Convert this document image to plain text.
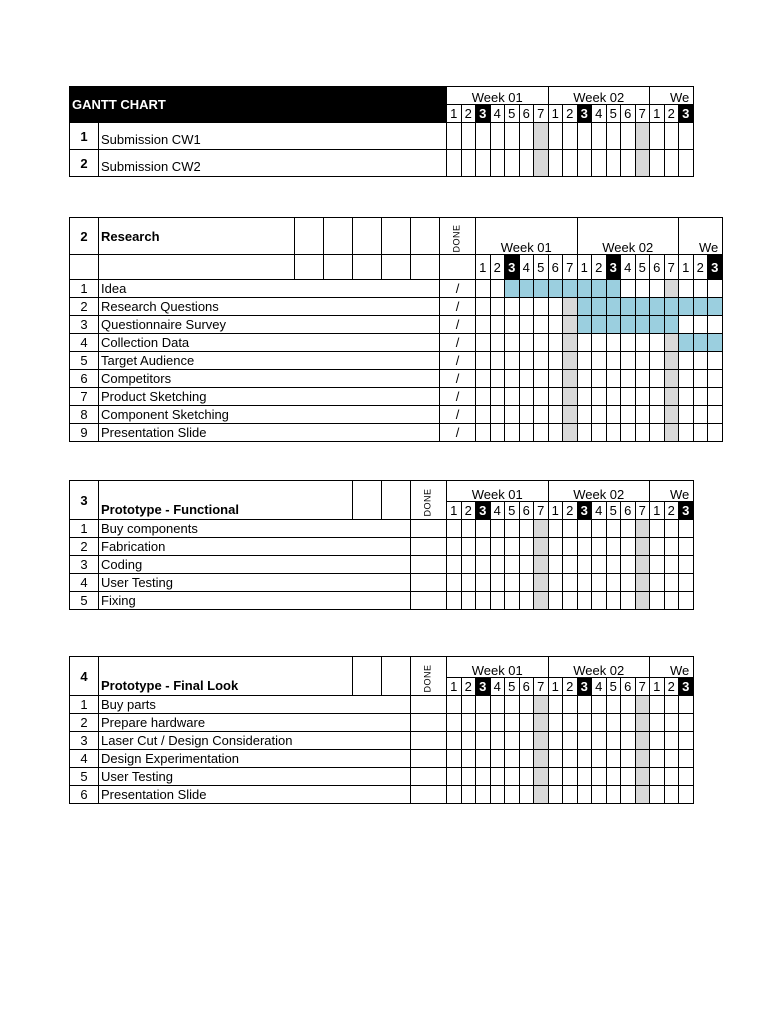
GANTT CHART		Week 01							Week 02							We		
		1	2	3	4	5	6	7	1	2	3	4	5	6	7	1	2	3
1	Submission CW1																	
2	Submission CW2																	
2	Research						DONE	Week 01							Week 02							We		
								1	2	3	4	5	6	7	1	2	3	4	5	6	7	1	2	3
1	Idea						/																	
2	Research Questions						/																	
3	Questionnaire Survey						/																	
4	Collection Data						/																	
5	Target Audience						/																	
6	Competitors						/																	
7	Product Sketching						/																	
8	Component Sketching						/																	
9	Presentation Slide						/																	
3	Prototype - Functional			DONE	Week 01							Week 02							We		
					1	2	3	4	5	6	7	1	2	3	4	5	6	7	1	2	3
1	Buy components																				
2	Fabrication																				
3	Coding																				
4	User Testing																				
5	Fixing																				
4	Prototype - Final Look			DONE	Week 01							Week 02							We		
					1	2	3	4	5	6	7	1	2	3	4	5	6	7	1	2	3
1	Buy parts																				
2	Prepare hardware																				
3	Laser Cut / Design Consideration																				
4	Design Experimentation																				
5	User Testing																				
6	Presentation Slide																				
